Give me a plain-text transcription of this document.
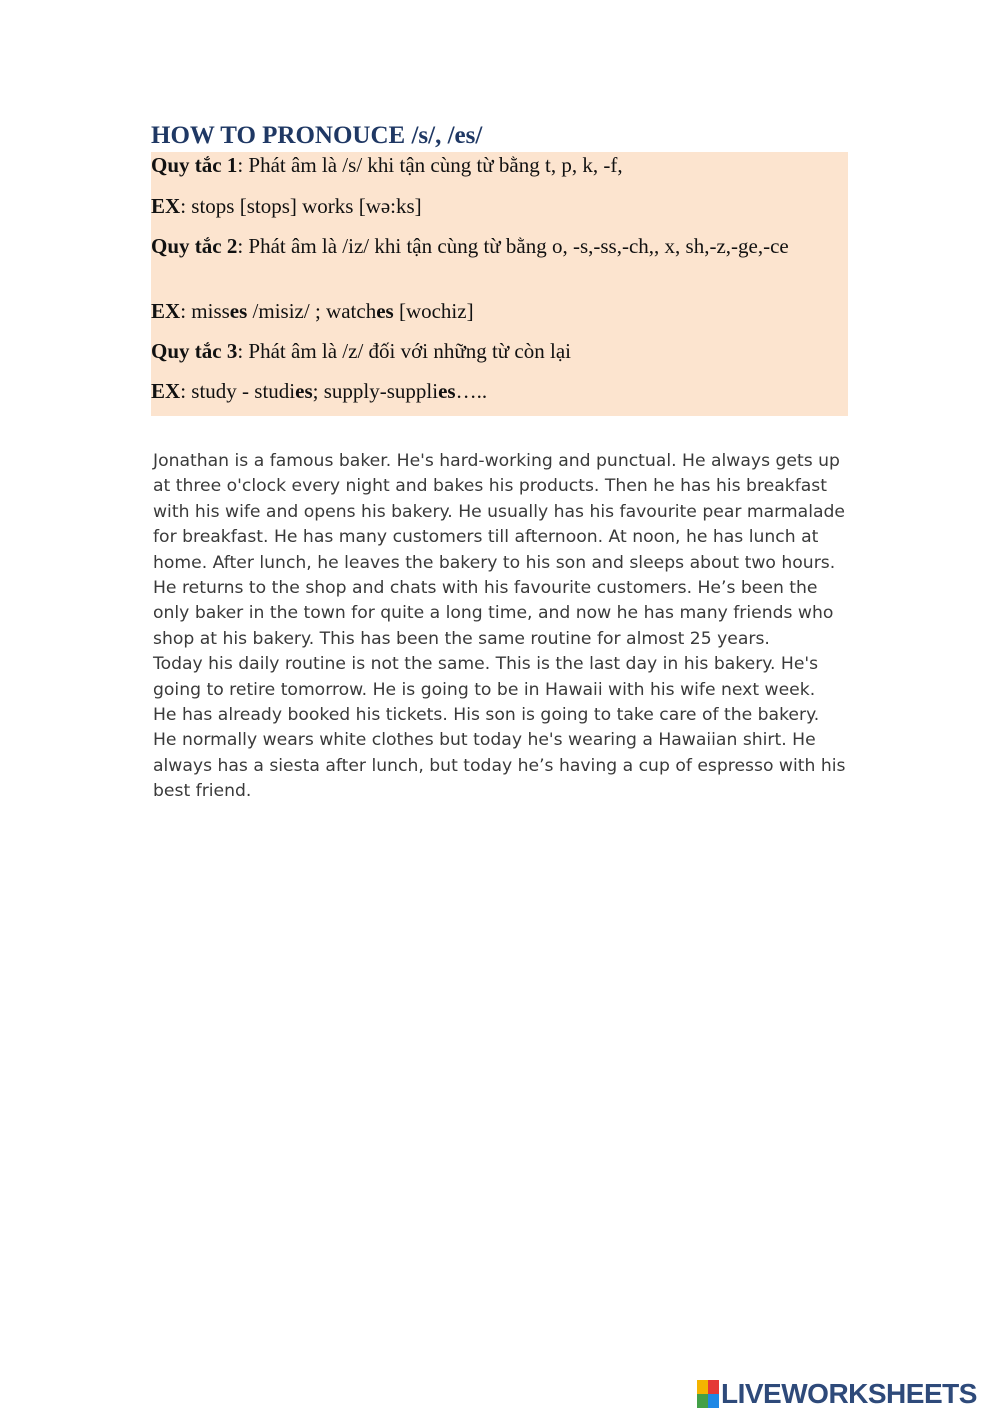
HOW TO PRONOUCE /s/, /es/
Quy tắc 1: Phát âm là /s/ khi tận cùng từ bằng t, p, k, -f,
EX: stops [stops] works [wə:ks]
Quy tắc 2: Phát âm là /iz/ khi tận cùng từ bằng o, -s,-ss,-ch,, x, sh,-z,-ge,-ce
EX: misses /misiz/ ; watches [wochiz]
Quy tắc 3: Phát âm là /z/ đối với những từ còn lại
EX: study - studies; supply-supplies…..
Jonathan is a famous baker. He's hard-working and punctual. He always gets up
at three o'clock every night and bakes his products. Then he has his breakfast
with his wife and opens his bakery. He usually has his favourite pear marmalade
for breakfast. He has many customers till afternoon. At noon, he has lunch at
home. After lunch, he leaves the bakery to his son and sleeps about two hours.
He returns to the shop and chats with his favourite customers. He’s been the
only baker in the town for quite a long time, and now he has many friends who
shop at his bakery. This has been the same routine for almost 25 years.
Today his daily routine is not the same. This is the last day in his bakery. He's
going to retire tomorrow. He is going to be in Hawaii with his wife next week.
He has already booked his tickets. His son is going to take care of the bakery.
He normally wears white clothes but today he's wearing a Hawaiian shirt. He
always has a siesta after lunch, but today he’s having a cup of espresso with his
best friend.
LIVEWORKSHEETS
